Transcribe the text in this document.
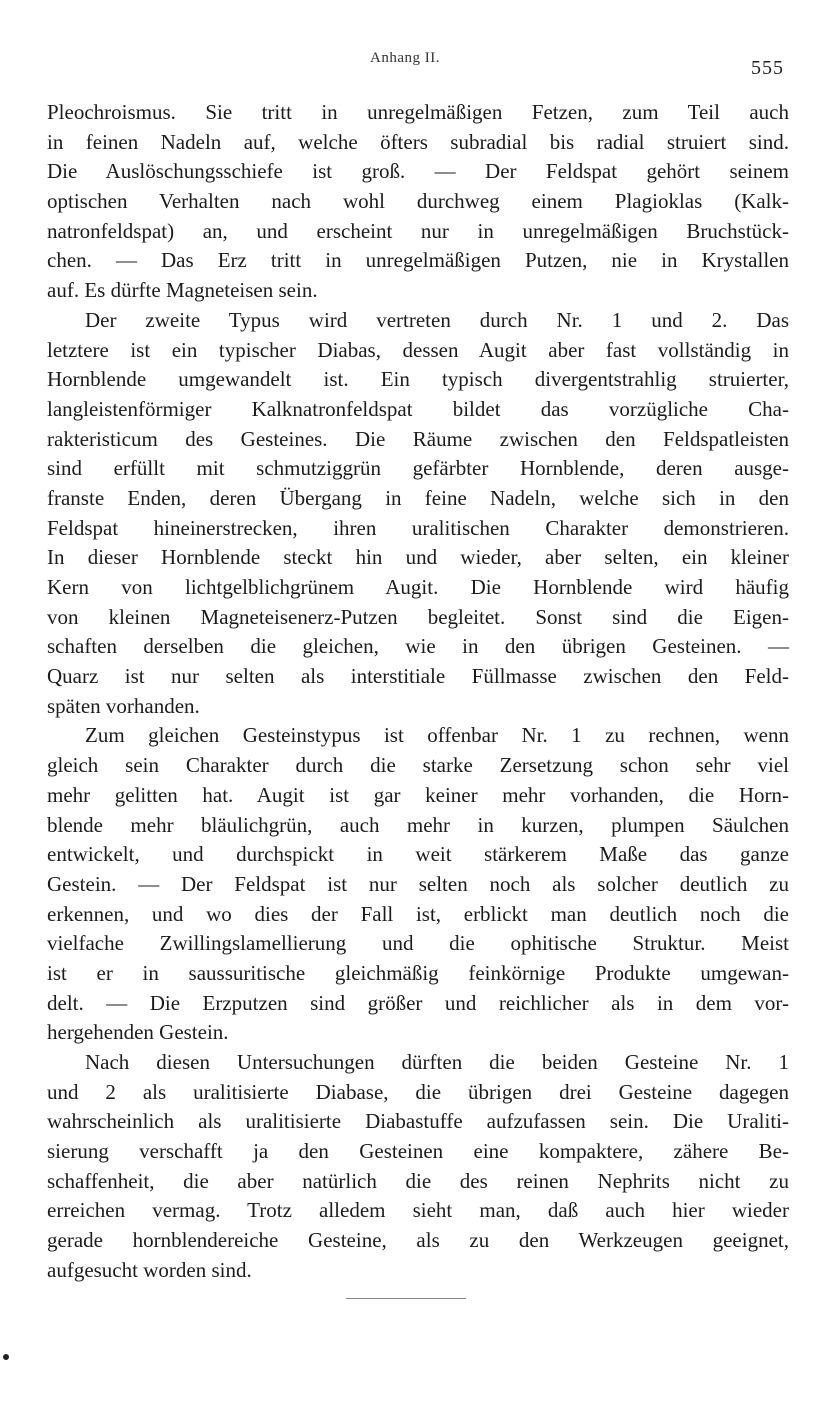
Anhang II.	555
Pleochroismus. Sie tritt in unregelmäßigen Fetzen, zum Teil auch
in feinen Nadeln auf, welche öfters subradial bis radial struiert sind.
Die Auslöschungsschiefe ist groß. — Der Feldspat gehört seinem
optischen Verhalten nach wohl durchweg einem Plagioklas (Kalk-
natronfeldspat) an, und erscheint nur in unregelmäßigen Bruchstück-
chen. — Das Erz tritt in unregelmäßigen Putzen, nie in Krystallen
auf. Es dürfte Magneteisen sein.
Der zweite Typus wird vertreten durch Nr. 1 und 2. Das
letztere ist ein typischer Diabas, dessen Augit aber fast vollständig in
Hornblende umgewandelt ist. Ein typisch divergentstrahlig struierter,
langleistenförmiger Kalknatronfeldspat bildet das vorzügliche Cha-
rakteristicum des Gesteines. Die Räume zwischen den Feldspatleisten
sind erfüllt mit schmutziggrün gefärbter Hornblende, deren ausge-
franste Enden, deren Übergang in feine Nadeln, welche sich in den
Feldspat hineinerstrecken, ihren uralitischen Charakter demonstrieren.
In dieser Hornblende steckt hin und wieder, aber selten, ein kleiner
Kern von lichtgelblichgrünem Augit. Die Hornblende wird häufig
von kleinen Magneteisenerz-Putzen begleitet. Sonst sind die Eigen-
schaften derselben die gleichen, wie in den übrigen Gesteinen. —
Quarz ist nur selten als interstitiale Füllmasse zwischen den Feld-
späten vorhanden.
Zum gleichen Gesteinstypus ist offenbar Nr. 1 zu rechnen, wenn
gleich sein Charakter durch die starke Zersetzung schon sehr viel
mehr gelitten hat. Augit ist gar keiner mehr vorhanden, die Horn-
blende mehr bläulichgrün, auch mehr in kurzen, plumpen Säulchen
entwickelt, und durchspickt in weit stärkerem Maße das ganze
Gestein. — Der Feldspat ist nur selten noch als solcher deutlich zu
erkennen, und wo dies der Fall ist, erblickt man deutlich noch die
vielfache Zwillingslamellierung und die ophitische Struktur. Meist
ist er in saussuritische gleichmäßig feinkörnige Produkte umgewan-
delt. — Die Erzputzen sind größer und reichlicher als in dem vor-
hergehenden Gestein.
Nach diesen Untersuchungen dürften die beiden Gesteine Nr. 1
und 2 als uralitisierte Diabase, die übrigen drei Gesteine dagegen
wahrscheinlich als uralitisierte Diabastuffe aufzufassen sein. Die Uraliti-
sierung verschafft ja den Gesteinen eine kompaktere, zähere Be-
schaffenheit, die aber natürlich die des reinen Nephrits nicht zu
erreichen vermag. Trotz alledem sieht man, daß auch hier wieder
gerade hornblendereiche Gesteine, als zu den Werkzeugen geeignet,
aufgesucht worden sind.
